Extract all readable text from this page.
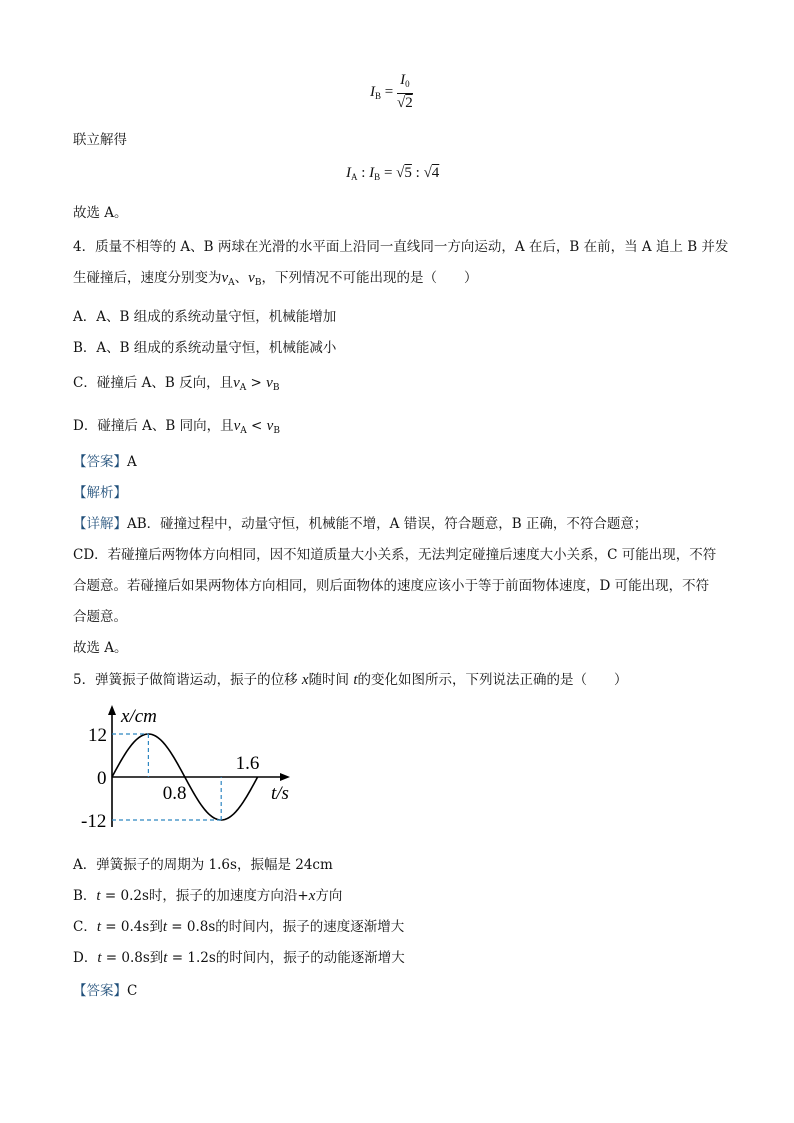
$I_B = \frac{I_0}{√2}$
联立解得
$I_A$ : $I_B = √5$ : √4
故选 A。
4．质量不相等的 A、B 两球在光滑的水平面上沿同一直线同一方向运动，A 在后，B 在前，当 A 追上 B 并发
生碰撞后，速度分别变为$v_A$、$v_B$，下列情况不可能出现的是（　　）
A．A、B 组成的系统动量守恒，机械能增加
B．A、B 组成的系统动量守恒，机械能减小
C．碰撞后 A、B 反向，且$v_A > v_B$
D．碰撞后 A、B 同向，且$v_A < v_B$
【答案】A
【解析】
【详解】AB．碰撞过程中，动量守恒，机械能不增，A 错误，符合题意，B 正确，不符合题意；
CD．若碰撞后两物体方向相同，因不知道质量大小关系，无法判定碰撞后速度大小关系，C 可能出现，不符
合题意。若碰撞后如果两物体方向相同，则后面物体的速度应该小于等于前面物体速度，D 可能出现，不符
合题意。
故选 A。
5．弹簧振子做简谐运动，振子的位移 x随时间 t的变化如图所示，下列说法正确的是（　　）
x/cm
t/s
12
0
-12
0.8
1.6
A．弹簧振子的周期为 1.6s，振幅是 24cm
B．t = 0.2s时，振子的加速度方向沿+x方向
C．t = 0.4s到t = 0.8s的时间内，振子的速度逐渐增大
D．t = 0.8s到t = 1.2s的时间内，振子的动能逐渐增大
【答案】C
